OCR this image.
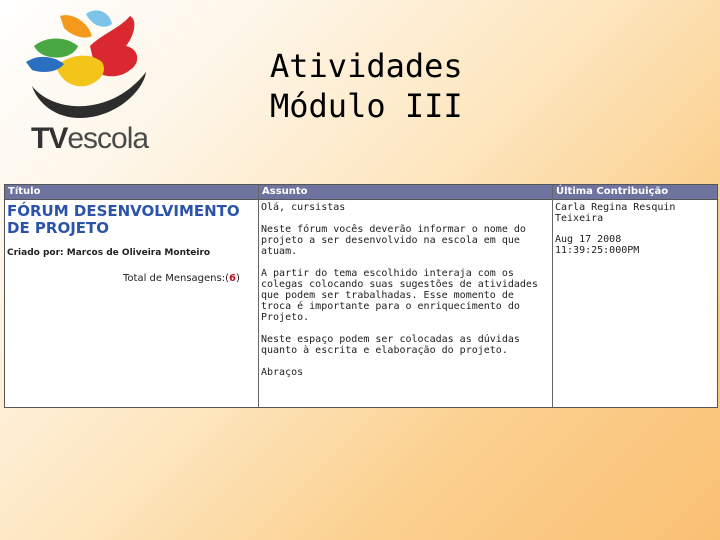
TVescola
Atividades
Módulo III
Título	Assunto	Última Contribuição
FÓRUM DESENVOLVIMENTO DE PROJETO
Criado por: Marcos de Oliveira Monteiro
Total de Mensagens:(6)

Olá, cursistas

Neste fórum vocês deverão informar o nome do projeto a ser desenvolvido na escola em que atuam.

A partir do tema escolhido interaja com os colegas colocando suas sugestões de atividades que podem ser trabalhadas. Esse momento de troca é importante para o enriquecimento do Projeto.

Neste espaço podem ser colocadas as dúvidas quanto à escrita e elaboração do projeto.

Abraços

Carla Regina Resquin Teixeira

Aug 17 2008
11:39:25:000PM
